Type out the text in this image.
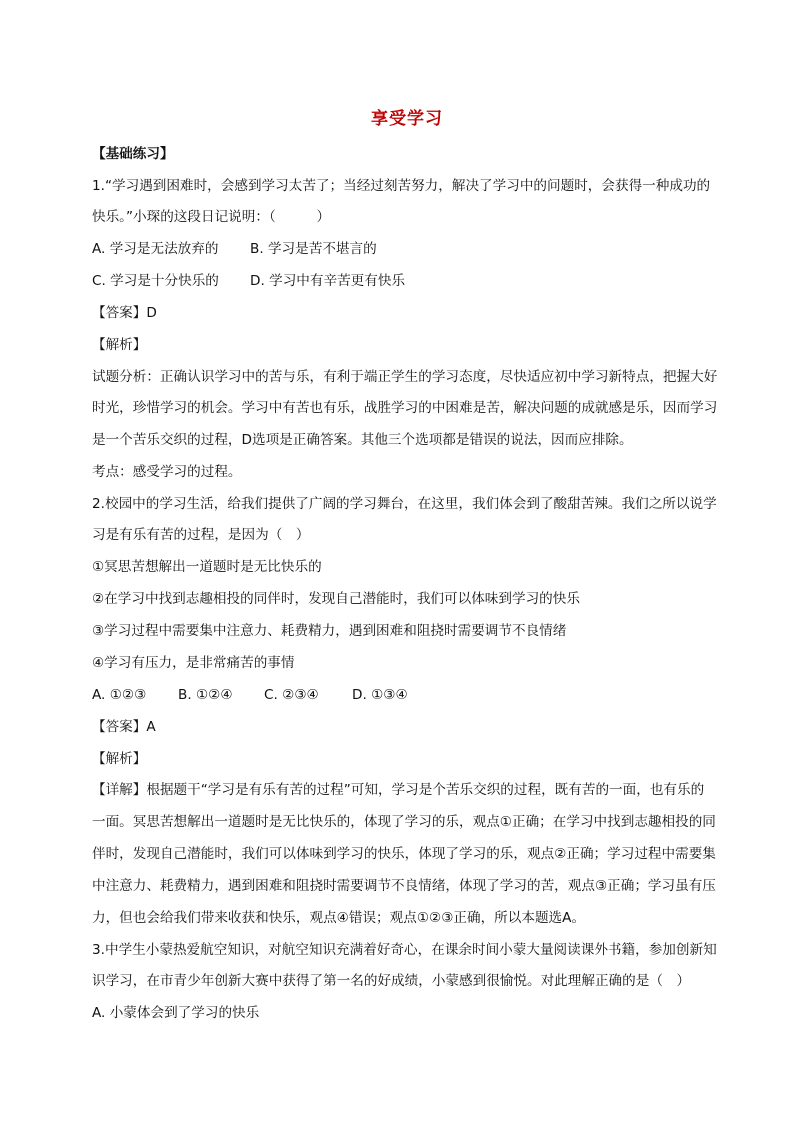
享受学习
【基础练习】
1.“学习遇到困难时，会感到学习太苦了；当经过刻苦努力，解决了学习中的问题时，会获得一种成功的
快乐。”小琛的这段日记说明：（　　　）
A. 学习是无法放弃的 B. 学习是苦不堪言的
C. 学习是十分快乐的 D. 学习中有辛苦更有快乐
【答案】D
【解析】
试题分析：正确认识学习中的苦与乐，有利于端正学生的学习态度，尽快适应初中学习新特点，把握大好
时光，珍惜学习的机会。学习中有苦也有乐，战胜学习的中困难是苦，解决问题的成就感是乐，因而学习
是一个苦乐交织的过程，D选项是正确答案。其他三个选项都是错误的说法，因而应排除。
考点：感受学习的过程。
2.校园中的学习生活，给我们提供了广阔的学习舞台，在这里，我们体会到了酸甜苦辣。我们之所以说学
习是有乐有苦的过程，是因为（　）
①冥思苦想解出一道题时是无比快乐的
②在学习中找到志趣相投的同伴时，发现自己潜能时，我们可以体味到学习的快乐
③学习过程中需要集中注意力、耗费精力，遇到困难和阻挠时需要调节不良情绪
④学习有压力，是非常痛苦的事情
A. ①②③ B. ①②④ C. ②③④ D. ①③④
【答案】A
【解析】
【详解】根据题干“学习是有乐有苦的过程”可知，学习是个苦乐交织的过程，既有苦的一面，也有乐的
一面。冥思苦想解出一道题时是无比快乐的，体现了学习的乐，观点①正确；在学习中找到志趣相投的同
伴时，发现自己潜能时，我们可以体味到学习的快乐，体现了学习的乐，观点②正确；学习过程中需要集
中注意力、耗费精力，遇到困难和阻挠时需要调节不良情绪，体现了学习的苦，观点③正确；学习虽有压
力，但也会给我们带来收获和快乐，观点④错误；观点①②③正确，所以本题选A。
3.中学生小蒙热爱航空知识，对航空知识充满着好奇心，在课余时间小蒙大量阅读课外书籍，参加创新知
识学习，在市青少年创新大赛中获得了第一名的好成绩，小蒙感到很愉悦。对此理解正确的是（　）
A. 小蒙体会到了学习的快乐
